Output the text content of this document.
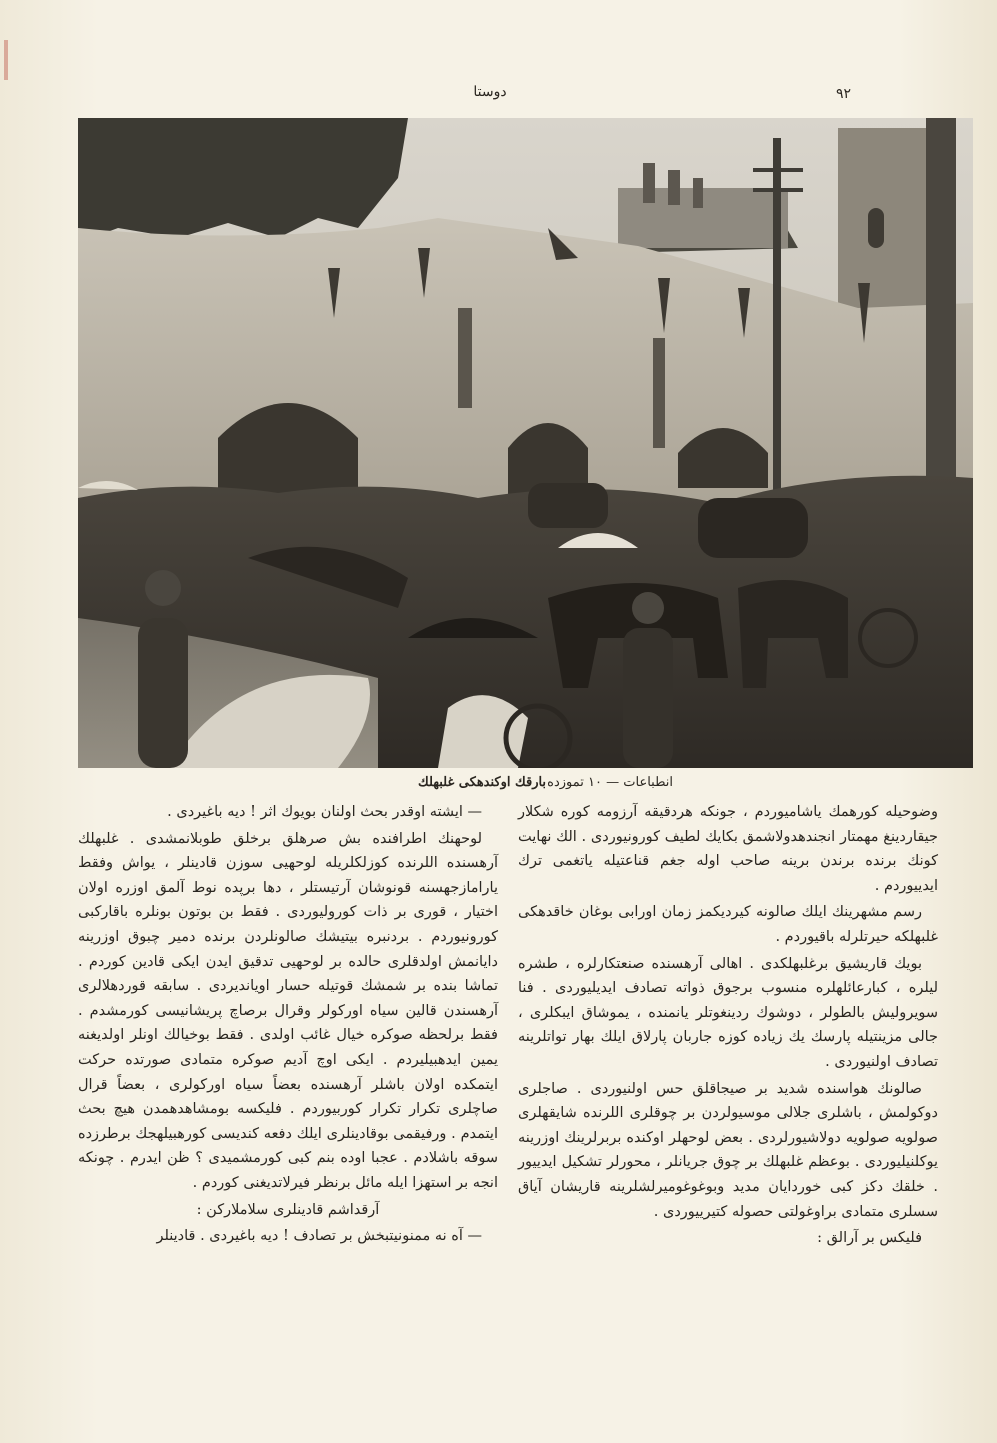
دوستا	۹۲
انطباعات — ١٠ تموزده
بارقك اوكندهكى غلبهلك

وضوحيله كورهمك ياشاميوردم ، جونكه هردقيقه آرزومه كوره شكلار جيقاردينغ مهمتار انجندهدولاشمق بكايك لطيف كورونيوردى . الك نهايت كونك برنده برندن برينه صاحب اوله جغم قناعتيله ياتغمى ترك ايدييوردم .

رسم مشهرينك ايلك صالونه كيرديكمز زمان اورابى بوغان خاقدهكى غلبهلكه حيرتلرله باقيوردم .

بويك قاريشيق برغلبهلكدى . اهالى آرهسنده صنعتكارلره ، طشره ليلره ، كبارعائلهلره منسوب برجوق ذواته تصادف ايديليوردى . فنا سويروليش بالطولر ، دوشوك ردينغوتلر يانمنده ، يموشاق ايبكلرى ، جالى مزينتيله پارسك يك زياده كوزه جاربان پارلاق ايلك بهار تواتلرينه تصادف اولنيوردى .

صالونك هواسنده شديد بر صيجاقلق حس اولنيوردى . صاجلرى دوكولمش ، باشلرى جلالى موسيولردن بر چوقلرى اللرنده شايقهلرى صولويه صولويه دولاشيورلردى . بعض لوحهلر اوكنده بربرلرينك اوزرينه يوكلنيليوردى . بوعظم غلبهلك بر چوق جريانلر ، محورلر تشكيل ايدييور . خلقك دكز كبى خوردايان مديد وبوغوغوميرلشلرينه قاريشان آياق سسلرى متمادى براوغولتى حصوله كتيرييوردى .

فليكس بر آرالق :

— ايشته اوقدر بحث اولنان بويوك اثر ! ديه باغيردى .

لوحهنك اطرافنده بش صرهلق برخلق طوبلانمشدى . غلبهلك آرهسنده اللرنده كوزلكلريله لوحهيى سوزن قادينلر ، يواش وفقط يارامازجهسنه قونوشان آرتيستلر ، دها برپده نوط آلمق اوزره اولان اختيار ، قورى بر ذات كوروليوردى . فقط بن بوتون بونلره باقاركبى كورونيوردم . بردنبره بيتيشك صالونلردن برنده دمير چبوق اوزرينه دايانمش اولدقلرى حالده بر لوحهيى تدقيق ايدن ايكى قادين كوردم . تماشا بنده بر شمشك قوتيله حسار اويانديردى . سابقه قوردهلالرى آرهسندن قالين سياه اوركولر وقرال برصاچ پريشانيسى كورمشدم . فقط برلحظه صوكره خيال غائب اولدى . فقط بوخيالك اونلر اولديغنه يمين ايدهبيليردم . ايكى اوچ آدیم صوكره متمادى صورتده حركت ايتمكده اولان باشلر آرهسنده بعضاً سياه اوركولرى ، بعضاً قرال صاچلرى تكرار تكرار كوربيوردم . فليكسه بومشاهدهمدن هيچ بحث ايتمدم . ورفيقمى بوقادينلرى ايلك دفعه كنديسى كورهبيلهجك برطرزده سوقه باشلادم . عجبا اوده بنم كبى كورمشميدى ؟ ظن ايدرم . چونكه انجه بر استهزا ايله مائل برنظر فيرلاتديغنى كوردم .

آرقداشم قادينلرى سلاملاركن :

— آه نه ممنونيتبخش بر تصادف ! ديه باغيردى . قادينلر
